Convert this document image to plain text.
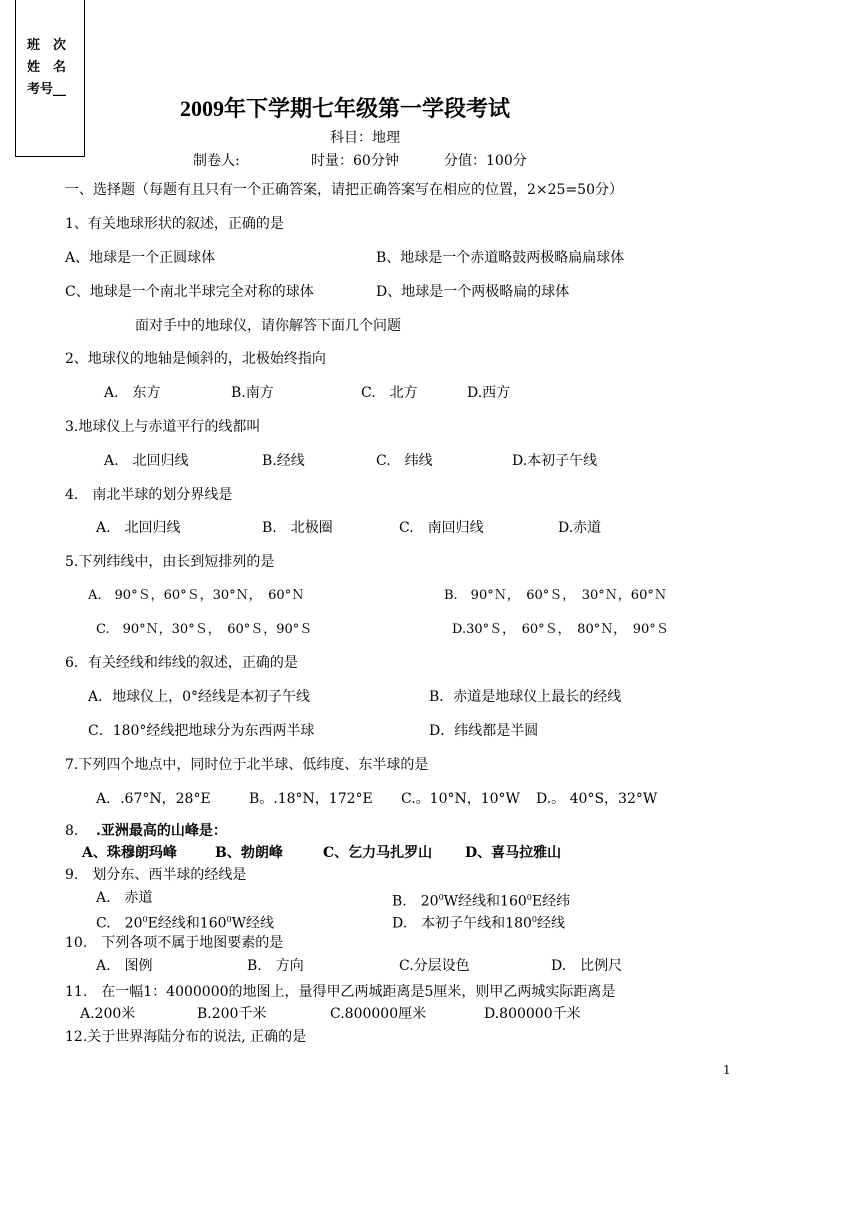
班　次
姓　名
考号__
2009年下学期七年级第一学段考试
科目：地理
制卷人:	时量：60分钟	分值：100分
一、选择题（每题有且只有一个正确答案，请把正确答案写在相应的位置，2×25=50分）
1、有关地球形状的叙述，正确的是
A、地球是一个正圆球体	B、地球是一个赤道略鼓两极略扁扁球体
C、地球是一个南北半球完全对称的球体	D、地球是一个两极略扁的球体
面对手中的地球仪，请你解答下面几个问题
2、地球仪的地轴是倾斜的，北极始终指向
A.　东方	B.南方	C.　北方	D.西方
3.地球仪上与赤道平行的线都叫
A.　北回归线	B.经线	C.　纬线	D.本初子午线
4.　南北半球的划分界线是
A.　北回归线	B.　北极圈	C.　南回归线	D.赤道
5.下列纬线中，由长到短排列的是
A.　90°Ｓ，60°Ｓ，30°Ｎ，　60°Ｎ	B.　90°Ｎ，　60°Ｓ，　30°Ｎ，60°Ｎ
C.　90°Ｎ，30°Ｓ，　60°Ｓ，90°Ｓ	D.30°Ｓ，　60°Ｓ，　80°Ｎ，　90°Ｓ
6．有关经线和纬线的叙述，正确的是
A．地球仪上，0°经线是本初子午线	B．赤道是地球仪上最长的经线
C．180°经线把地球分为东西两半球	D．纬线都是半圆
7.下列四个地点中，同时位于北半球、低纬度、东半球的是
A．.67°N，28°E	B。.18°N，172°E C.。10°N，10°W D.。 40°S，32°W
8. .亚洲最高的山峰是：
A、珠穆朗玛峰	B、勃朗峰	C、乞力马扎罗山 D、喜马拉雅山
9.　划分东、西半球的经线是
A.　赤道	B.　$20^0W$经线和$160^0E$经纬
C.　$20^0E$经线和$160^0W$经线	D.　本初子午线和$180^0$经线
10.　下列各项不属于地图要素的是
A.　图例	B.　方向	C.分层设色	D.　比例尺
11.　在一幅1：4000000的地图上，量得甲乙两城距离是5厘米，则甲乙两城实际距离是
A.200米	B.200千米	C.800000厘米	D.800000千米
12.关于世界海陆分布的说法, 正确的是
1
